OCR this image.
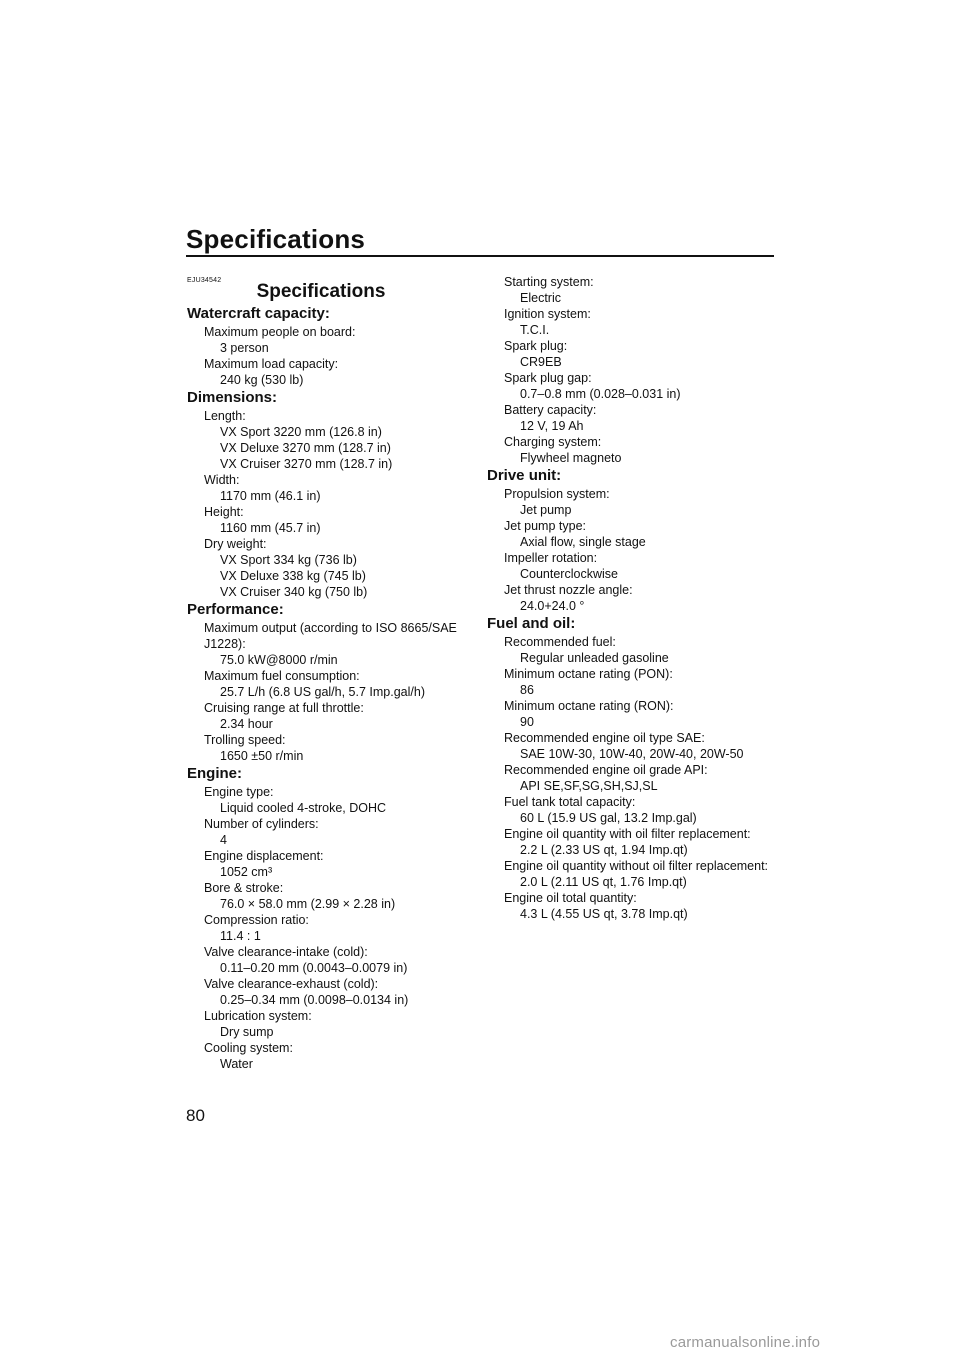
Specifications
EJU34542
Specifications
Watercraft capacity:
Maximum people on board:
3 person
Maximum load capacity:
240 kg (530 lb)
Dimensions:
Length:
VX Sport 3220 mm (126.8 in)
VX Deluxe 3270 mm (128.7 in)
VX Cruiser 3270 mm (128.7 in)
Width:
1170 mm (46.1 in)
Height:
1160 mm (45.7 in)
Dry weight:
VX Sport 334 kg (736 lb)
VX Deluxe 338 kg (745 lb)
VX Cruiser 340 kg (750 lb)
Performance:
Maximum output (according to ISO 8665/SAE J1228):
75.0 kW@8000 r/min
Maximum fuel consumption:
25.7 L/h (6.8 US gal/h, 5.7 Imp.gal/h)
Cruising range at full throttle:
2.34 hour
Trolling speed:
1650 ±50 r/min
Engine:
Engine type:
Liquid cooled 4-stroke, DOHC
Number of cylinders:
4
Engine displacement:
1052 cm³
Bore & stroke:
76.0 × 58.0 mm (2.99 × 2.28 in)
Compression ratio:
11.4 : 1
Valve clearance-intake (cold):
0.11–0.20 mm (0.0043–0.0079 in)
Valve clearance-exhaust (cold):
0.25–0.34 mm (0.0098–0.0134 in)
Lubrication system:
Dry sump
Cooling system:
Water
Starting system:
Electric
Ignition system:
T.C.I.
Spark plug:
CR9EB
Spark plug gap:
0.7–0.8 mm (0.028–0.031 in)
Battery capacity:
12 V, 19 Ah
Charging system:
Flywheel magneto
Drive unit:
Propulsion system:
Jet pump
Jet pump type:
Axial flow, single stage
Impeller rotation:
Counterclockwise
Jet thrust nozzle angle:
24.0+24.0 °
Fuel and oil:
Recommended fuel:
Regular unleaded gasoline
Minimum octane rating (PON):
86
Minimum octane rating (RON):
90
Recommended engine oil type SAE:
SAE 10W-30, 10W-40, 20W-40, 20W-50
Recommended engine oil grade API:
API SE,SF,SG,SH,SJ,SL
Fuel tank total capacity:
60 L (15.9 US gal, 13.2 Imp.gal)
Engine oil quantity with oil filter replacement:
2.2 L (2.33 US qt, 1.94 Imp.qt)
Engine oil quantity without oil filter replacement:
2.0 L (2.11 US qt, 1.76 Imp.qt)
Engine oil total quantity:
4.3 L (4.55 US qt, 3.78 Imp.qt)
80
carmanualsonline.info
